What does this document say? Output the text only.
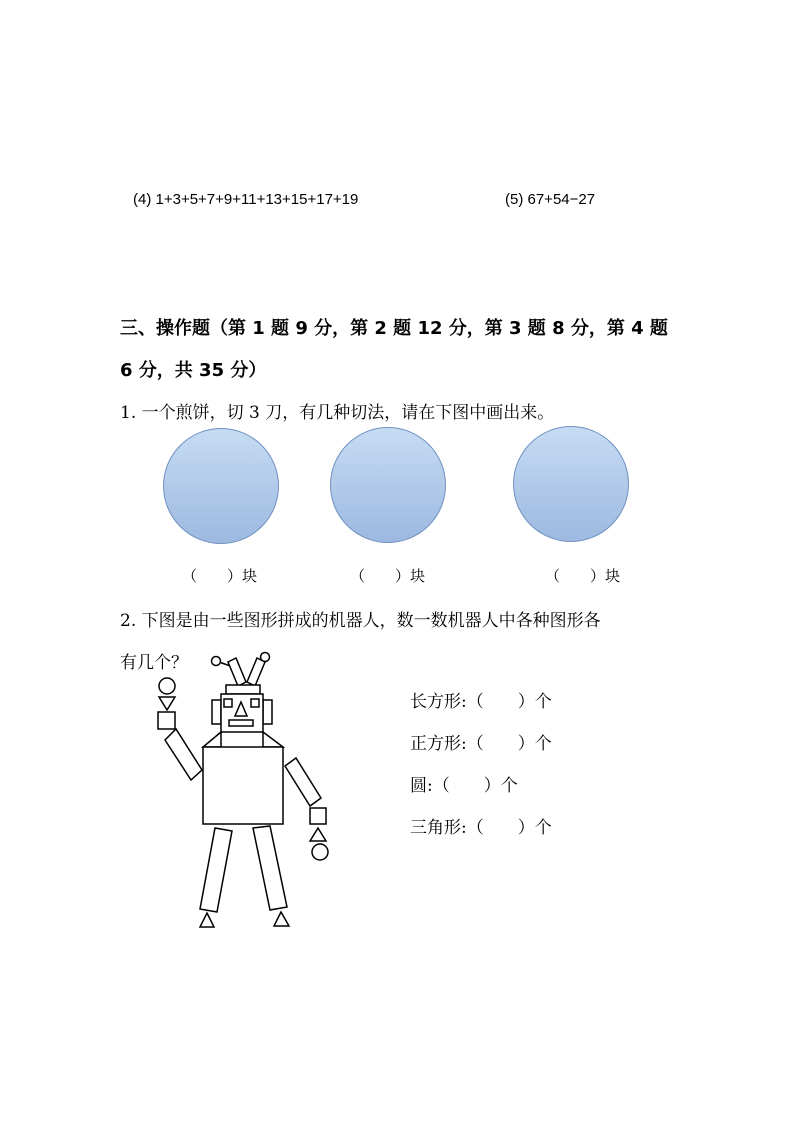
(4) 1+3+5+7+9+11+13+15+17+19	(5) 67+54−27
三、操作题（第 1 题 9 分，第 2 题 12 分，第 3 题 8 分，第 4 题
6 分，共 35 分）
1. 一个煎饼，切 3 刀，有几种切法，请在下图中画出来。
（　　）块	（　　）块	（　　）块
2. 下图是由一些图形拼成的机器人，数一数机器人中各种图形各
有几个？
长方形:（　　）个
正方形:（　　）个
圆:（　　）个
三角形:（　　）个
